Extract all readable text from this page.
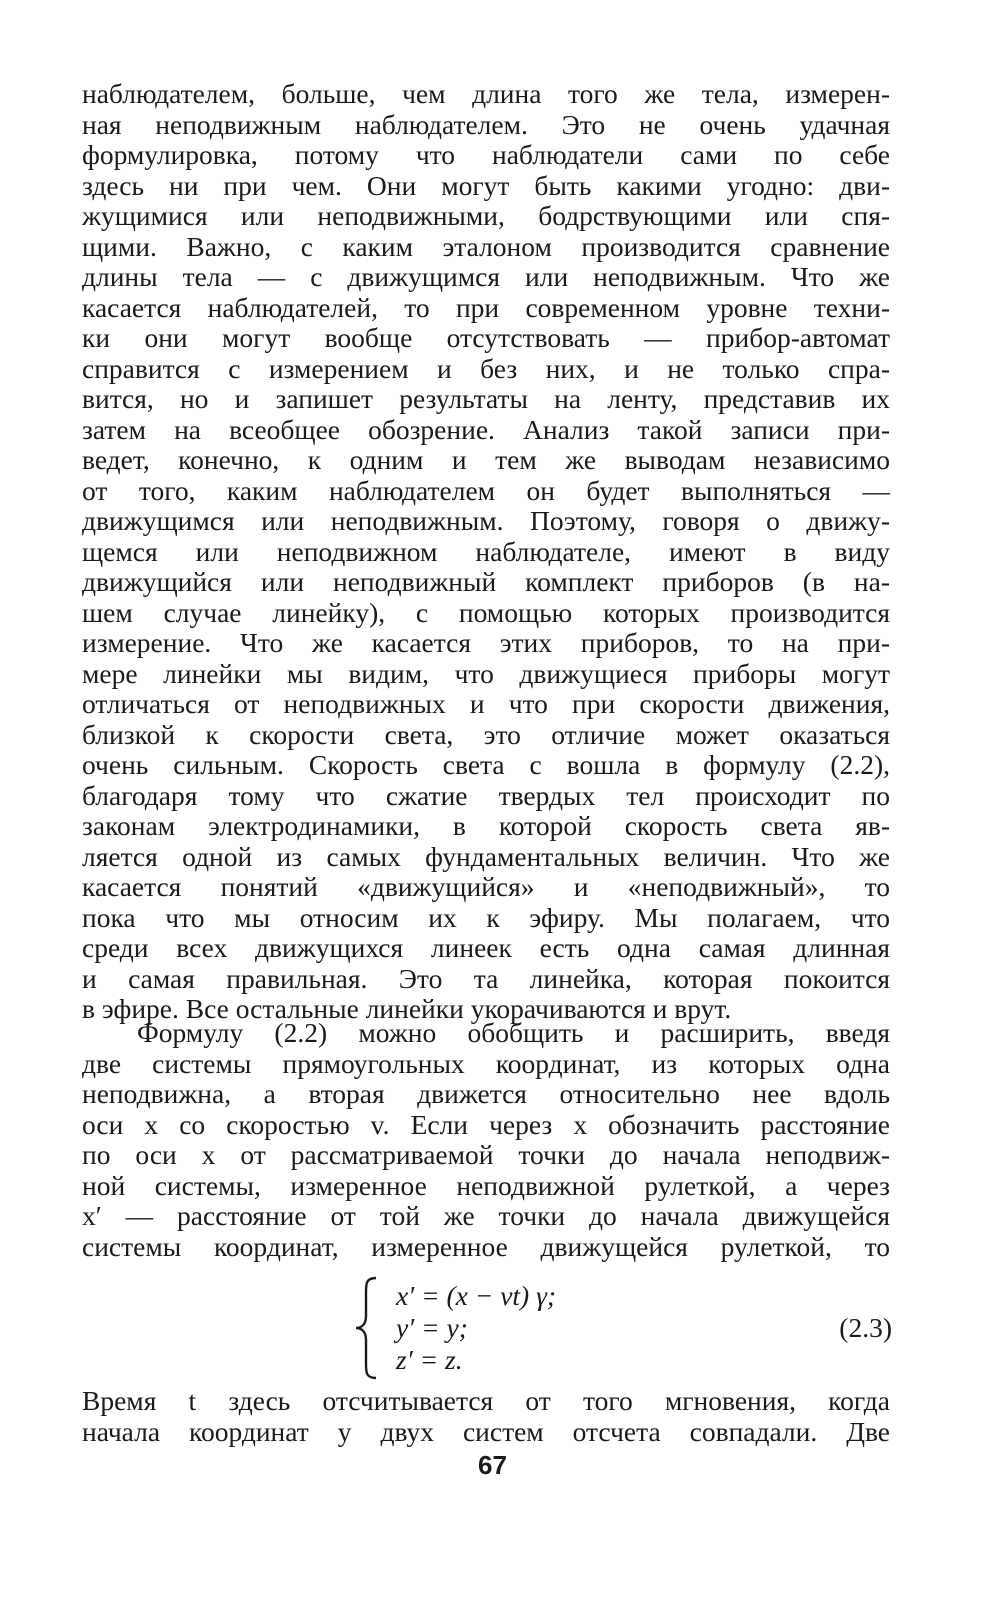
наблюдателем, больше, чем длина того же тела, измерен-
ная неподвижным наблюдателем. Это не очень удачная
формулировка, потому что наблюдатели сами по себе
здесь ни при чем. Они могут быть какими угодно: дви-
жущимися или неподвижными, бодрствующими или спя-
щими. Важно, с каким эталоном производится сравнение
длины тела — с движущимся или неподвижным. Что же
касается наблюдателей, то при современном уровне техни-
ки они могут вообще отсутствовать — прибор-автомат
справится с измерением и без них, и не только спра-
вится, но и запишет результаты на ленту, представив их
затем на всеобщее обозрение. Анализ такой записи при-
ведет, конечно, к одним и тем же выводам независимо
от того, каким наблюдателем он будет выполняться —
движущимся или неподвижным. Поэтому, говоря о движу-
щемся или неподвижном наблюдателе, имеют в виду
движущийся или неподвижный комплект приборов (в на-
шем случае линейку), с помощью которых производится
измерение. Что же касается этих приборов, то на при-
мере линейки мы видим, что движущиеся приборы могут
отличаться от неподвижных и что при скорости движения,
близкой к скорости света, это отличие может оказаться
очень сильным. Скорость света с вошла в формулу (2.2),
благодаря тому что сжатие твердых тел происходит по
законам электродинамики, в которой скорость света яв-
ляется одной из самых фундаментальных величин. Что же
касается понятий «движущийся» и «неподвижный», то
пока что мы относим их к эфиру. Мы полагаем, что
среди всех движущихся линеек есть одна самая длинная
и самая правильная. Это та линейка, которая покоится
в эфире. Все остальные линейки укорачиваются и врут.
Формулу (2.2) можно обобщить и расширить, введя
две системы прямоугольных координат, из которых одна
неподвижна, а вторая движется относительно нее вдоль
оси x со скоростью v. Если через x обозначить расстояние
по оси x от рассматриваемой точки до начала неподвиж-
ной системы, измеренное неподвижной рулеткой, а через
x′ — расстояние от той же точки до начала движущейся
системы координат, измеренное движущейся рулеткой, то
x′ = (x − vt) γ;
y′ = y;
z′ = z.
(2.3)
Время t здесь отсчитывается от того мгновения, когда
начала координат у двух систем отсчета совпадали. Две
67
